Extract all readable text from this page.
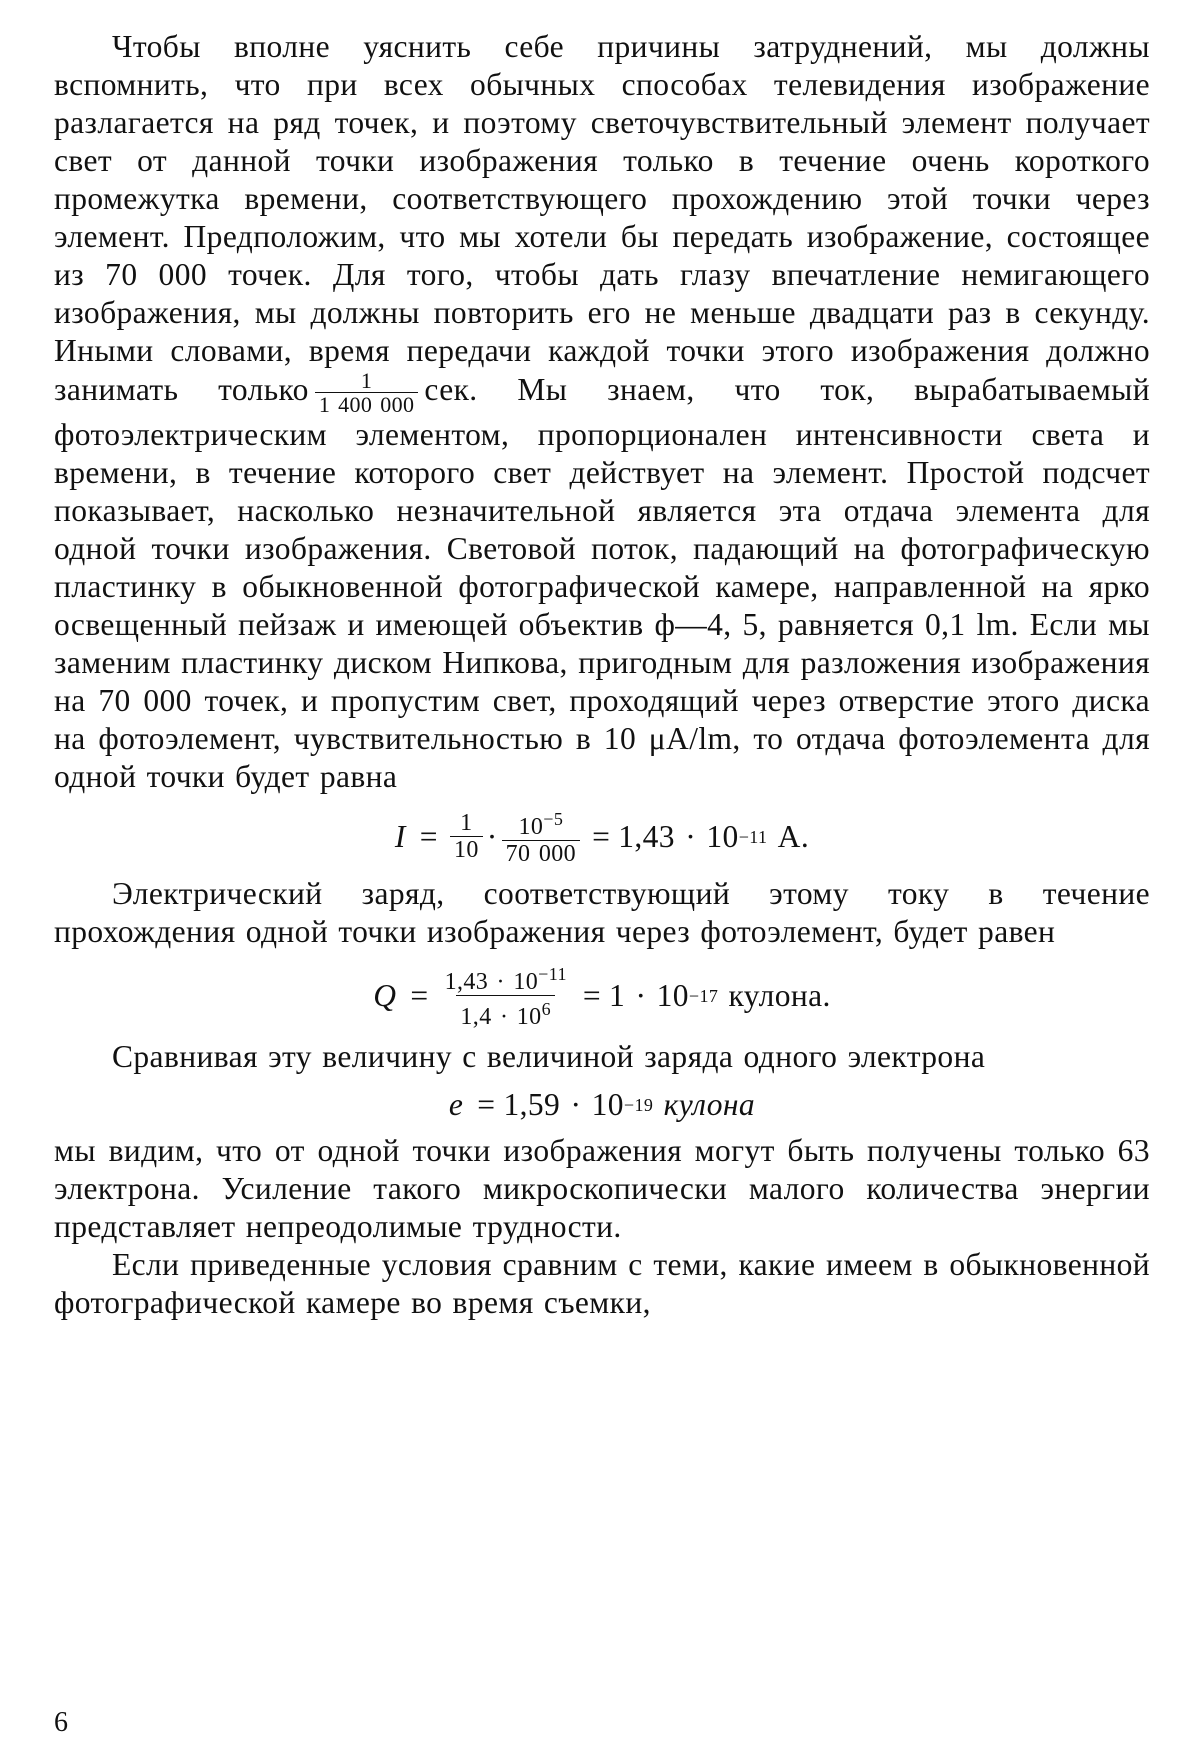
Чтобы вполне уяснить себе причины затруднений, мы должны вспомнить, что при всех обычных способах телевидения изображение разлагается на ряд точек, и поэтому светочувствительный элемент получает свет от данной точки изображения только в течение очень короткого промежутка времени, соответствующего прохождению этой точки через элемент. Предположим, что мы хотели бы передать изображение, состоящее из 70 000 точек. Для того, чтобы дать глазу впечатление немигающего изображения, мы должны повторить его не меньше двадцати раз в секунду. Иными словами, время передачи каждой точки этого изображения должно занимать только $\frac{1}{1 400 000}$ сек. Мы знаем, что ток, вырабатываемый фотоэлектрическим элементом, пропорционален интенсивности света и времени, в течение которого свет действует на элемент. Простой подсчет показывает, насколько незначительной является эта отдача элемента для одной точки изображения. Световой поток, падающий на фотографическую пластинку в обыкновенной фотографической камере, направленной на ярко освещенный пейзаж и имеющей объектив ф—4, 5, равняется 0,1 lm. Если мы заменим пластинку диском Нипкова, пригодным для разложения изображения на 70 000 точек, и пропустим свет, проходящий через отверстие этого диска на фотоэлемент, чувствительностью в 10 μA/lm, то отдача фотоэлемента для одной точки будет равна

$I = \frac{1}{10} \cdot \frac{10^{-5}}{70 000} = 1,43 \cdot 10 -11$
A.

Электрический заряд, соответствующий этому току в течение прохождения одной точки изображения через фотоэлемент, будет равен

$Q = \frac{1,43 \cdot 10^{-11}}{1,4 \cdot 10^6} = 1 \cdot 10 -17$
кулона.

Сравнивая эту величину с величиной заряда одного электрона

e = 1,59 · 10 −19
кулона

мы видим, что от одной точки изображения могут быть получены только 63 электрона. Усиление такого микроскопически малого количества энергии представляет непреодолимые трудности.

Если приведенные условия сравним с теми, какие имеем в обыкновенной фотографической камере во время съемки,

6
